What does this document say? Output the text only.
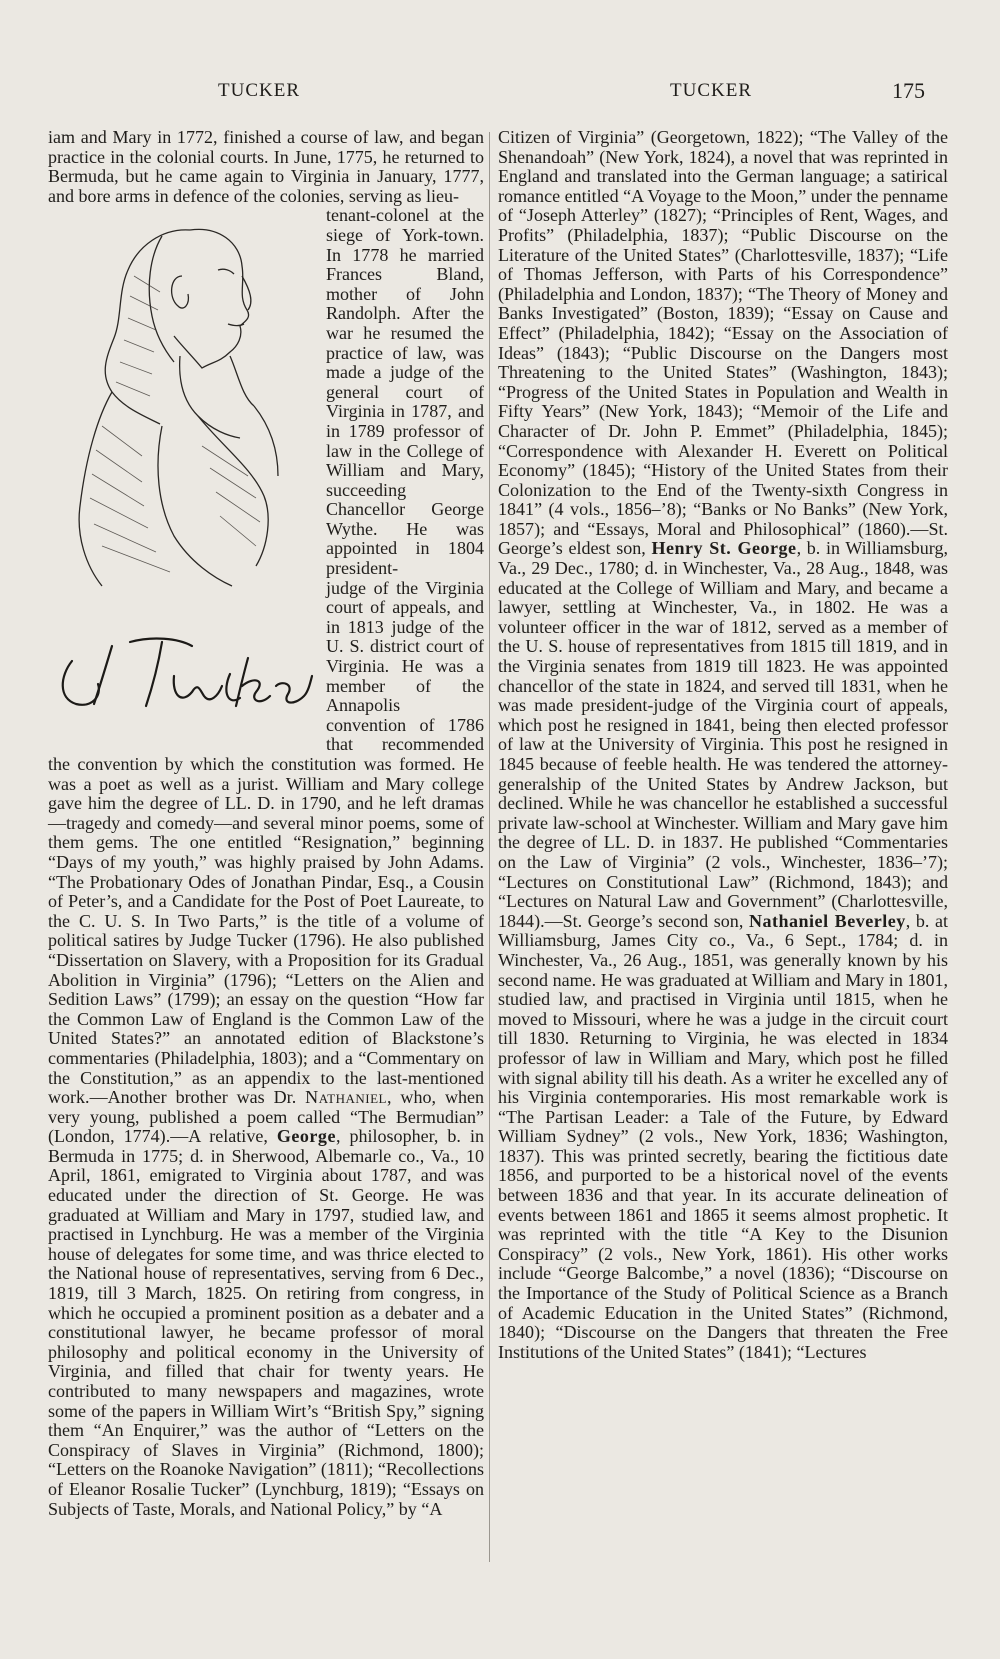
TUCKER	TUCKER	175

iam and Mary in 1772, finished a course of law, and began practice in the colonial courts. In June, 1775, he returned to Bermuda, but he came again to Virginia in January, 1777, and bore arms in defence of the colonies, serving as lieu-

tenant-colonel at the siege of York-town. In 1778 he married Frances Bland, mother of John Randolph. After the war he resumed the practice of law, was made a judge of the general court of Virginia in 1787, and in 1789 professor of law in the College of William and Mary, succeeding Chancellor George Wythe. He was appointed in 1804 president-

judge of the Virginia court of appeals, and in 1813 judge of the U. S. district court of Virginia. He was a member of the Annapolis convention of 1786 that recommended the convention by which the constitution was formed. He was a poet as well as a jurist. William and Mary college gave him the degree of LL. D. in 1790, and he left dramas—tragedy and comedy—and several minor poems, some of them gems. The one entitled “Resignation,” beginning “Days of my youth,” was highly praised by John Adams. “The Probationary Odes of Jonathan Pindar, Esq., a Cousin of Peter’s, and a Candidate for the Post of Poet Laureate, to the C. U. S. In Two Parts,” is the title of a volume of political satires by Judge Tucker (1796). He also published “Dissertation on Slavery, with a Proposition for its Gradual Abolition in Virginia” (1796); “Letters on the Alien and Sedition Laws” (1799); an essay on the question “How far the Common Law of England is the Common Law of the United States?” an annotated edition of Blackstone’s commentaries (Philadelphia, 1803); and a “Commentary on the Constitution,” as an appendix to the last-mentioned work.—Another brother was Dr. Nathaniel, who, when very young, published a poem called “The Bermudian” (London, 1774).—A relative, George, philosopher, b. in Bermuda in 1775; d. in Sherwood, Albemarle co., Va., 10 April, 1861, emigrated to Virginia about 1787, and was educated under the direction of St. George. He was graduated at William and Mary in 1797, studied law, and practised in Lynchburg. He was a member of the Virginia house of delegates for some time, and was thrice elected to the National house of representatives, serving from 6 Dec., 1819, till 3 March, 1825. On retiring from congress, in which he occupied a prominent position as a debater and a constitutional lawyer, he became professor of moral philosophy and political economy in the University of Virginia, and filled that chair for twenty years. He contributed to many newspapers and magazines, wrote some of the papers in William Wirt’s “British Spy,” signing them “An Enquirer,” was the author of “Letters on the Conspiracy of Slaves in Virginia” (Richmond, 1800); “Letters on the Roanoke Navigation” (1811); “Recollections of Eleanor Rosalie Tucker” (Lynchburg, 1819); “Essays on Subjects of Taste, Morals, and National Policy,” by “A

Citizen of Virginia” (Georgetown, 1822); “The Valley of the Shenandoah” (New York, 1824), a novel that was reprinted in England and translated into the German language; a satirical romance entitled “A Voyage to the Moon,” under the penname of “Joseph Atterley” (1827); “Principles of Rent, Wages, and Profits” (Philadelphia, 1837); “Public Discourse on the Literature of the United States” (Charlottesville, 1837); “Life of Thomas Jefferson, with Parts of his Correspondence” (Philadelphia and London, 1837); “The Theory of Money and Banks Investigated” (Boston, 1839); “Essay on Cause and Effect” (Philadelphia, 1842); “Essay on the Association of Ideas” (1843); “Public Discourse on the Dangers most Threatening to the United States” (Washington, 1843); “Progress of the United States in Population and Wealth in Fifty Years” (New York, 1843); “Memoir of the Life and Character of Dr. John P. Emmet” (Philadelphia, 1845); “Correspondence with Alexander H. Everett on Political Economy” (1845); “History of the United States from their Colonization to the End of the Twenty-sixth Congress in 1841” (4 vols., 1856–’8); “Banks or No Banks” (New York, 1857); and “Essays, Moral and Philosophical” (1860).—St. George’s eldest son, Henry St. George, b. in Williamsburg, Va., 29 Dec., 1780; d. in Winchester, Va., 28 Aug., 1848, was educated at the College of William and Mary, and became a lawyer, settling at Winchester, Va., in 1802. He was a volunteer officer in the war of 1812, served as a member of the U. S. house of representatives from 1815 till 1819, and in the Virginia senates from 1819 till 1823. He was appointed chancellor of the state in 1824, and served till 1831, when he was made president-judge of the Virginia court of appeals, which post he resigned in 1841, being then elected professor of law at the University of Virginia. This post he resigned in 1845 because of feeble health. He was tendered the attorney-generalship of the United States by Andrew Jackson, but declined. While he was chancellor he established a successful private law-school at Winchester. William and Mary gave him the degree of LL. D. in 1837. He published “Commentaries on the Law of Virginia” (2 vols., Winchester, 1836–’7); “Lectures on Constitutional Law” (Richmond, 1843); and “Lectures on Natural Law and Government” (Charlottesville, 1844).—St. George’s second son, Nathaniel Beverley, b. at Williamsburg, James City co., Va., 6 Sept., 1784; d. in Winchester, Va., 26 Aug., 1851, was generally known by his second name. He was graduated at William and Mary in 1801, studied law, and practised in Virginia until 1815, when he moved to Missouri, where he was a judge in the circuit court till 1830. Returning to Virginia, he was elected in 1834 professor of law in William and Mary, which post he filled with signal ability till his death. As a writer he excelled any of his Virginia contemporaries. His most remarkable work is “The Partisan Leader: a Tale of the Future, by Edward William Sydney” (2 vols., New York, 1836; Washington, 1837). This was printed secretly, bearing the fictitious date 1856, and purported to be a historical novel of the events between 1836 and that year. In its accurate delineation of events between 1861 and 1865 it seems almost prophetic. It was reprinted with the title “A Key to the Disunion Conspiracy” (2 vols., New York, 1861). His other works include “George Balcombe,” a novel (1836); “Discourse on the Importance of the Study of Political Science as a Branch of Academic Education in the United States” (Richmond, 1840); “Discourse on the Dangers that threaten the Free Institutions of the United States” (1841); “Lectures
